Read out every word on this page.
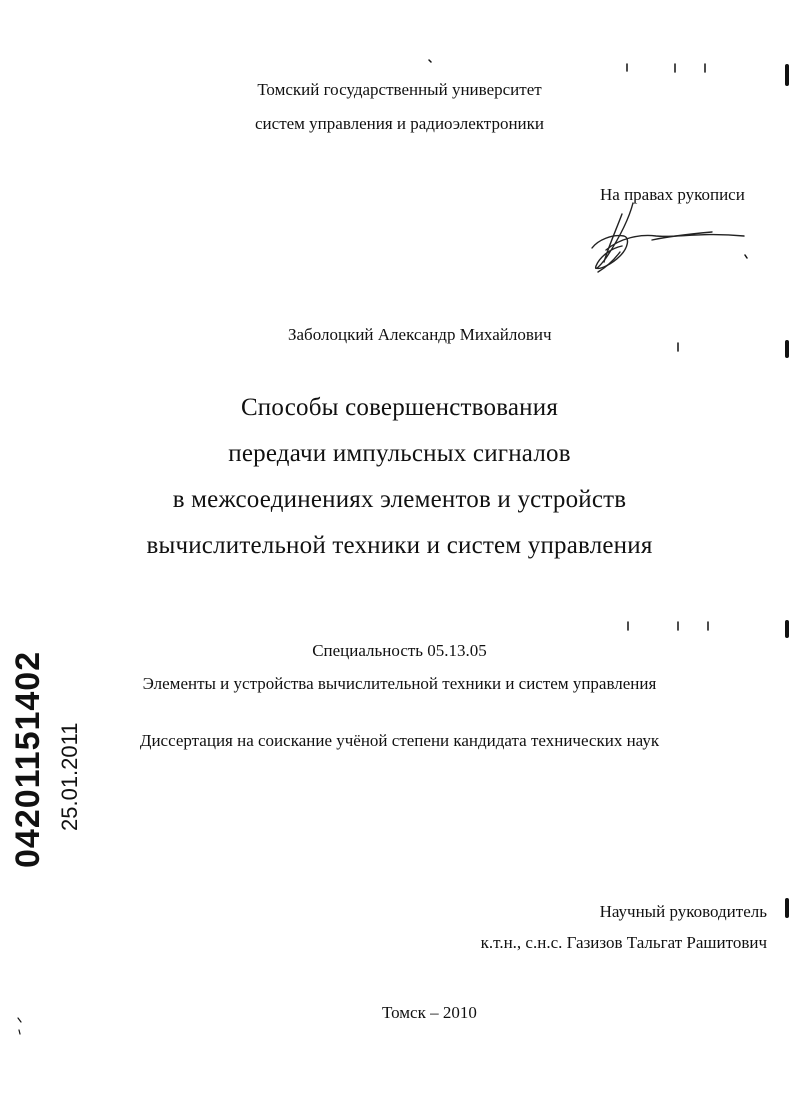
Томский государственный университет
систем управления и радиоэлектроники
На правах рукописи
Заболоцкий Александр Михайлович
Способы совершенствования
передачи импульсных сигналов
в межсоединениях элементов и устройств
вычислительной техники и систем управления
Специальность 05.13.05
Элементы и устройства вычислительной техники и систем управления
Диссертация на соискание учёной степени кандидата технических наук
Научный руководитель
к.т.н., с.н.с. Газизов Тальгат Рашитович
Томск – 2010
04201151402 25.01.2011
